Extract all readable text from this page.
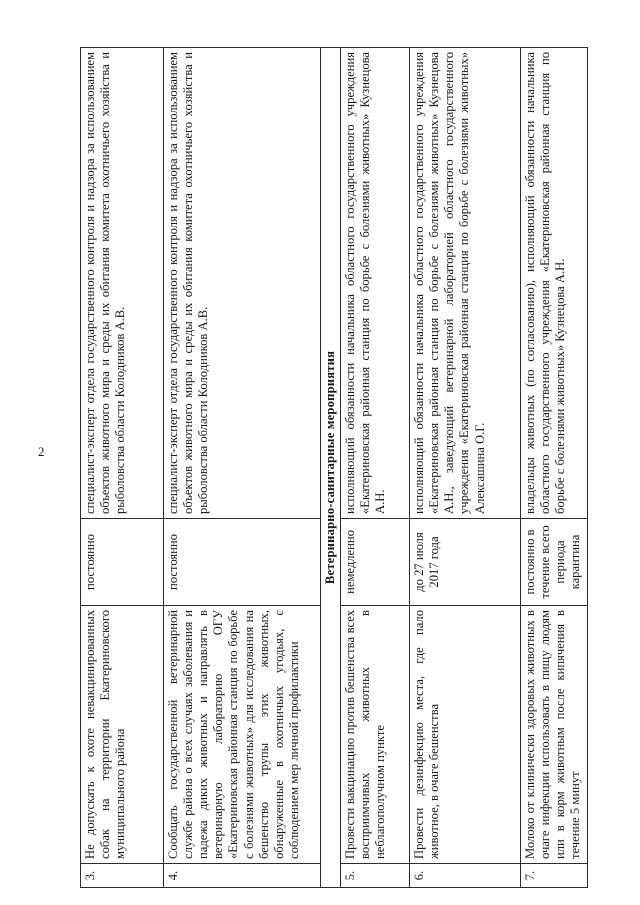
2
3.	Не допускать к охоте невакцинированных собак на территории Екатериновского муниципального района	постоянно	специалист-эксперт отдела государственного контроля и надзора за использованием объектов животного мира и среды их обитания комитета охотничьего хозяйства и рыболовства области Колодников А.В.
4.	Сообщать государственной ветеринарной службе района о всех случаях заболевания и падежа диких животных и направлять в ветеринарную лабораторию ОГУ «Екатериновская районная станция по борьбе с болезнями животных» для исследования на бешенство трупы этих животных, обнаруженные в охотничьих угодьях, с соблюдением мер личной профилактики	постоянно	специалист-эксперт отдела государственного контроля и надзора за использованием объектов животного мира и среды их обитания комитета охотничьего хозяйства и рыболовства области Колодников А.В.
Ветеринарно-санитарные мероприятия			
5.	Провести вакцинацию против бешенства всех восприимчивых животных в неблагополучном пункте	немедленно	исполняющий обязанности начальника областного государственного учреждения «Екатериновская районная станция по борьбе с болезнями животных» Кузнецова А.Н.
6.	Провести дезинфекцию места, где пало животное, в очаге бешенства	до 27 июля 2017 года	исполняющий обязанности начальника областного государственного учреждения «Екатериновская районная станция по борьбе с болезнями животных» Кузнецова А.Н., заведующий ветеринарной лабораторией областного государственного учреждения «Екатериновская районная станция по борьбе с болезнями животных» Алексашина О.Г.
7.	Молоко от клинически здоровых животных в очаге инфекции использовать в пищу людям или в корм животным после кипячения в течение 5 минут	постоянно в течение всего периода карантина	владельцы животных (по согласованию), исполняющий обязанности начальника областного государственного учреждения «Екатериновская районная станция по борьбе с болезнями животных» Кузнецова А.Н.
